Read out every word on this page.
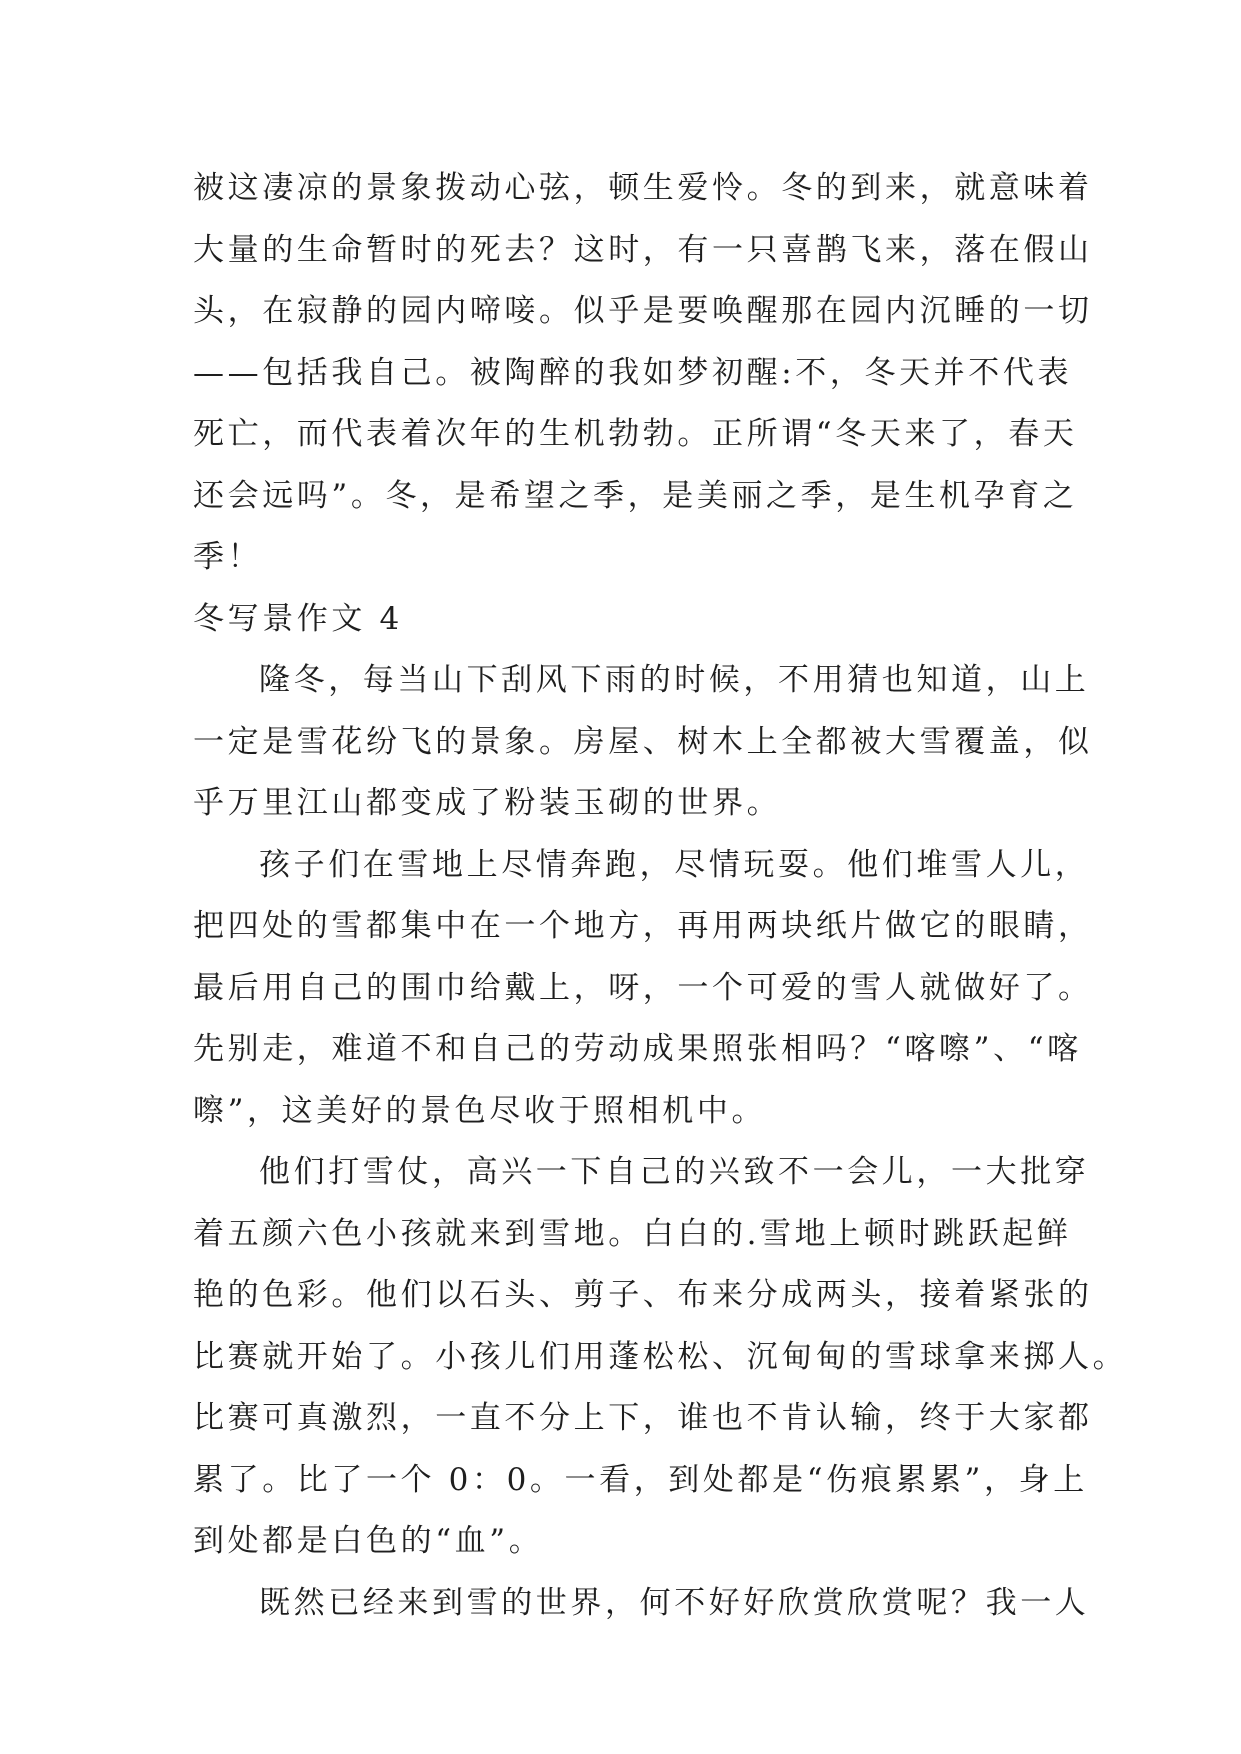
被这凄凉的景象拨动心弦，顿生爱怜。冬的到来，就意味着
大量的生命暂时的死去？这时，有一只喜鹊飞来，落在假山
头，在寂静的园内啼唼。似乎是要唤醒那在园内沉睡的一切
——包括我自己。被陶醉的我如梦初醒:不，冬天并不代表
死亡，而代表着次年的生机勃勃。正所谓“冬天来了，春天
还会远吗”。冬，是希望之季，是美丽之季，是生机孕育之
季！

冬写景作文 4

隆冬，每当山下刮风下雨的时候，不用猜也知道，山上
一定是雪花纷飞的景象。房屋、树木上全都被大雪覆盖，似
乎万里江山都变成了粉装玉砌的世界。

孩子们在雪地上尽情奔跑，尽情玩耍。他们堆雪人儿，
把四处的雪都集中在一个地方，再用两块纸片做它的眼睛，
最后用自己的围巾给戴上，呀，一个可爱的雪人就做好了。
先别走，难道不和自己的劳动成果照张相吗？“喀嚓”、“喀
嚓”，这美好的景色尽收于照相机中。

他们打雪仗，高兴一下自己的兴致不一会儿，一大批穿
着五颜六色小孩就来到雪地。白白的.雪地上顿时跳跃起鲜
艳的色彩。他们以石头、剪子、布来分成两头，接着紧张的
比赛就开始了。小孩儿们用蓬松松、沉甸甸的雪球拿来掷人。
比赛可真激烈，一直不分上下，谁也不肯认输，终于大家都
累了。比了一个 0：0。一看，到处都是“伤痕累累”，身上
到处都是白色的“血”。

既然已经来到雪的世界，何不好好欣赏欣赏呢？我一人
